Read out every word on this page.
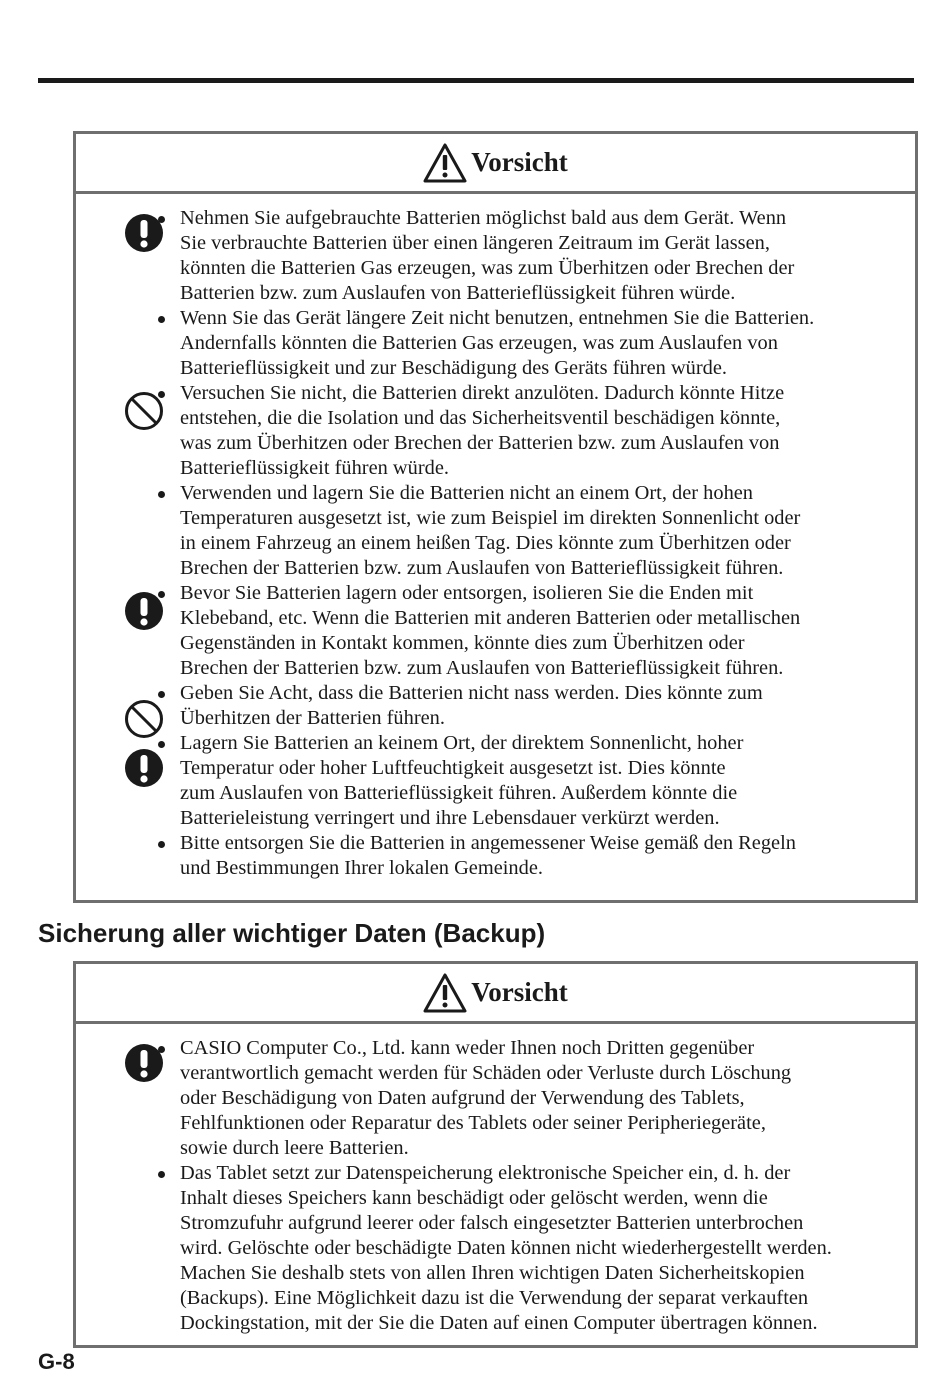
Vorsicht
Nehmen Sie aufgebrauchte Batterien möglichst bald aus dem Gerät. Wenn
Sie verbrauchte Batterien über einen längeren Zeitraum im Gerät lassen,
könnten die Batterien Gas erzeugen, was zum Überhitzen oder Brechen der
Batterien bzw. zum Auslaufen von Batterieflüssigkeit führen würde.
Wenn Sie das Gerät längere Zeit nicht benutzen, entnehmen Sie die Batterien.
Andernfalls könnten die Batterien Gas erzeugen, was zum Auslaufen von
Batterieflüssigkeit und zur Beschädigung des Geräts führen würde.
Versuchen Sie nicht, die Batterien direkt anzulöten. Dadurch könnte Hitze
entstehen, die die Isolation und das Sicherheitsventil beschädigen könnte,
was zum Überhitzen oder Brechen der Batterien bzw. zum Auslaufen von
Batterieflüssigkeit führen würde.
Verwenden und lagern Sie die Batterien nicht an einem Ort, der hohen
Temperaturen ausgesetzt ist, wie zum Beispiel im direkten Sonnenlicht oder
in einem Fahrzeug an einem heißen Tag. Dies könnte zum Überhitzen oder
Brechen der Batterien bzw. zum Auslaufen von Batterieflüssigkeit führen.
Bevor Sie Batterien lagern oder entsorgen, isolieren Sie die Enden mit
Klebeband, etc. Wenn die Batterien mit anderen Batterien oder metallischen
Gegenständen in Kontakt kommen, könnte dies zum Überhitzen oder
Brechen der Batterien bzw. zum Auslaufen von Batterieflüssigkeit führen.
Geben Sie Acht, dass die Batterien nicht nass werden. Dies könnte zum
Überhitzen der Batterien führen.
Lagern Sie Batterien an keinem Ort, der direktem Sonnenlicht, hoher
Temperatur oder hoher Luftfeuchtigkeit ausgesetzt ist. Dies könnte
zum Auslaufen von Batterieflüssigkeit führen. Außerdem könnte die
Batterieleistung verringert und ihre Lebensdauer verkürzt werden.
Bitte entsorgen Sie die Batterien in angemessener Weise gemäß den Regeln
und Bestimmungen Ihrer lokalen Gemeinde.
Sicherung aller wichtiger Daten (Backup)
Vorsicht
CASIO Computer Co., Ltd. kann weder Ihnen noch Dritten gegenüber
verantwortlich gemacht werden für Schäden oder Verluste durch Löschung
oder Beschädigung von Daten aufgrund der Verwendung des Tablets,
Fehlfunktionen oder Reparatur des Tablets oder seiner Peripheriegeräte,
sowie durch leere Batterien.
Das Tablet setzt zur Datenspeicherung elektronische Speicher ein, d. h. der
Inhalt dieses Speichers kann beschädigt oder gelöscht werden, wenn die
Stromzufuhr aufgrund leerer oder falsch eingesetzter Batterien unterbrochen
wird. Gelöschte oder beschädigte Daten können nicht wiederhergestellt werden.
Machen Sie deshalb stets von allen Ihren wichtigen Daten Sicherheitskopien
(Backups). Eine Möglichkeit dazu ist die Verwendung der separat verkauften
Dockingstation, mit der Sie die Daten auf einen Computer übertragen können.
G-8
